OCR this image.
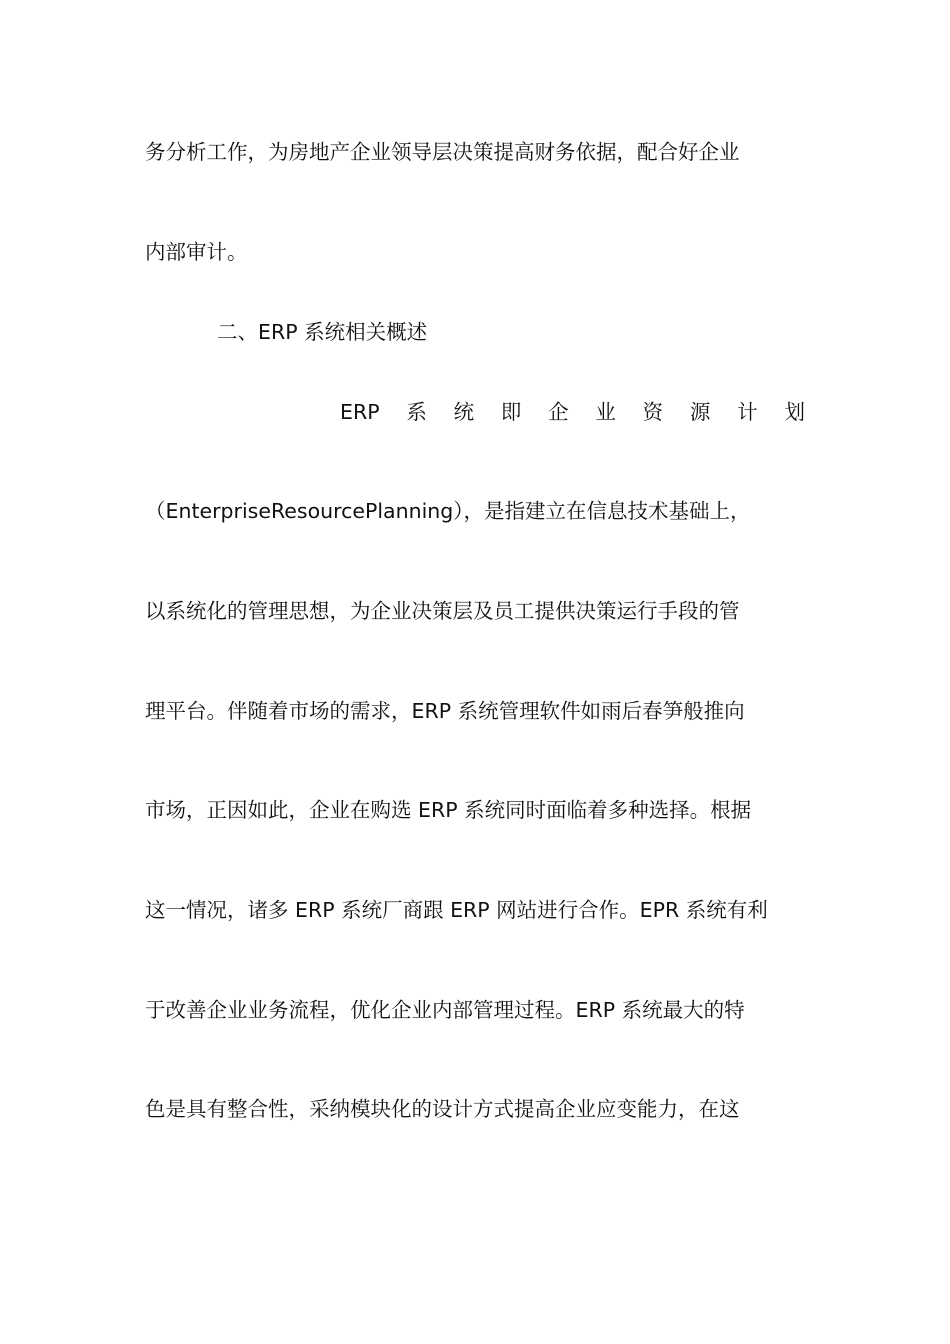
务分析工作，为房地产企业领导层决策提高财务依据，配合好企业
内部审计。
二、ERP 系统相关概述
ERP 系 统 即 企 业 资 源 计 划
（EnterpriseResourcePlanning），是指建立在信息技术基础上，
以系统化的管理思想，为企业决策层及员工提供决策运行手段的管
理平台。伴随着市场的需求，ERP 系统管理软件如雨后春笋般推向
市场，正因如此，企业在购选 ERP 系统同时面临着多种选择。根据
这一情况，诸多 ERP 系统厂商跟 ERP 网站进行合作。EPR 系统有利
于改善企业业务流程，优化企业内部管理过程。ERP 系统最大的特
色是具有整合性，采纳模块化的设计方式提高企业应变能力，在这
